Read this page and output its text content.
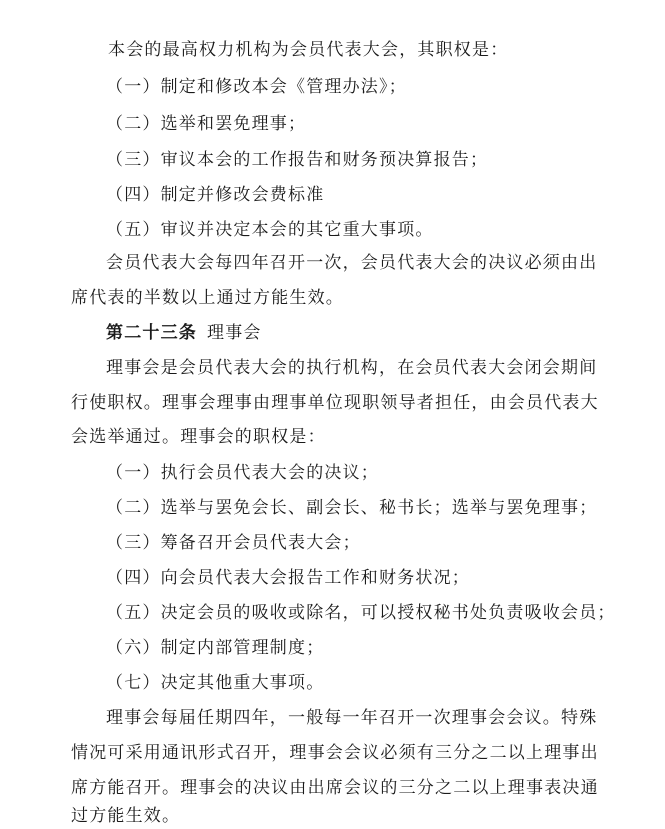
本会的最高权力机构为会员代表大会，其职权是：
（一）制定和修改本会《管理办法》；
（二）选举和罢免理事；
（三）审议本会的工作报告和财务预决算报告；
（四）制定并修改会费标准
（五）审议并决定本会的其它重大事项。
会员代表大会每四年召开一次，会员代表大会的决议必须由出
席代表的半数以上通过方能生效。
第二十三条 理事会
理事会是会员代表大会的执行机构，在会员代表大会闭会期间
行使职权。理事会理事由理事单位现职领导者担任，由会员代表大
会选举通过。理事会的职权是：
（一）执行会员代表大会的决议；
（二）选举与罢免会长、副会长、秘书长；选举与罢免理事；
（三）筹备召开会员代表大会；
（四）向会员代表大会报告工作和财务状况；
（五）决定会员的吸收或除名，可以授权秘书处负责吸收会员；
（六）制定内部管理制度；
（七）决定其他重大事项。
理事会每届任期四年，一般每一年召开一次理事会会议。特殊
情况可采用通讯形式召开，理事会会议必须有三分之二以上理事出
席方能召开。理事会的决议由出席会议的三分之二以上理事表决通
过方能生效。
